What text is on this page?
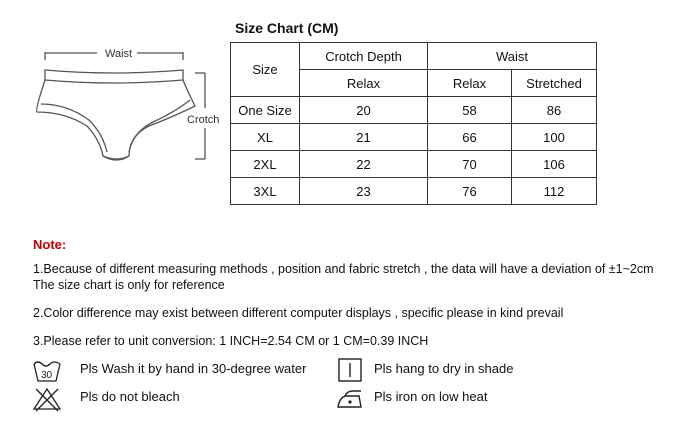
Waist
Crotch
Size Chart (CM)
Size	Crotch Depth	Waist	
	Relax	Relax	Stretched
One Size	20	58	86
XL	21	66	100
2XL	22	70	106
3XL	23	76	112
Note:
1.Because of different measuring methods , position and fabric stretch , the data will have a deviation of ±1~2cm
The size chart is only for reference
2.Color difference may exist between different computer displays , specific please in kind prevail
3.Please refer to unit conversion: 1 INCH=2.54 CM or 1 CM=0.39 INCH
30 Pls Wash it by hand in 30-degree water	Pls hang to dry in shade
Pls do not bleach	Pls iron on low heat
